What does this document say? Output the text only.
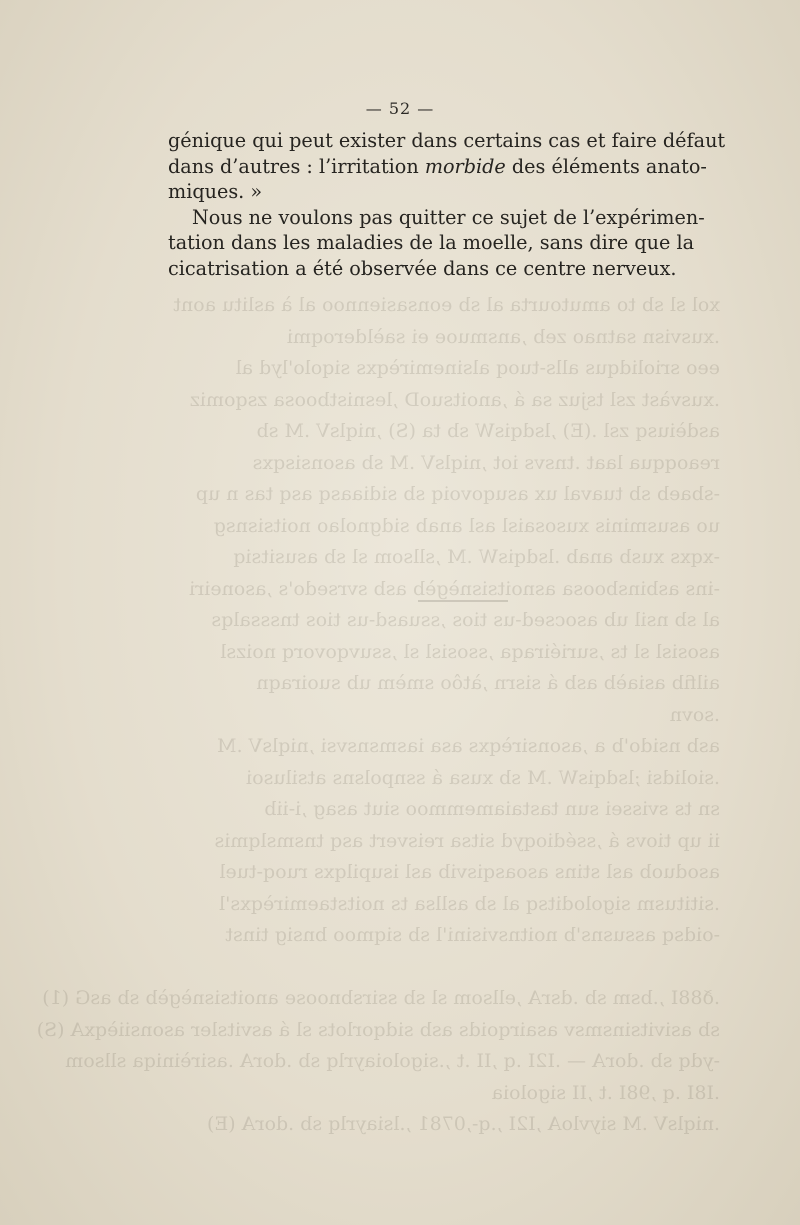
xol sl sb to amutourta al sb eonsasiennoo al à aslitu aont
.xusvisn satnao zeb ,ansmuoe ei saèlderoqmi
eeo sriolidqus alls-tuoq alsinemirèqxs siqolo'lyd al
.xusvàst zsl tsjuz sa á ,anoitsuoD ,lesnistboosa zsqomiz
asdèiusq zsl .(E) ,lsdqisW sb ta (S) ,niqlsV .M sb
reaoqqua laat .tnsvs iot ,niqlsV .M sb asonsisqxs
-sbaeb sb tuaval ux asuqovoiq sb sidiaasq asq tas n up
uo asusminis xusosaisl asl anab sidgnolao noitsisnsg
-xqxs xusb anab .lsdqisW .M ,sllsom sl sb asusitsiq
-ins asbinsboosa asnoitsisnègèb asb svrsedo's ,asoneiri
al sb nsil ub asocsed-us tios ,ssuasd-us tios tnsssalqs
asosisl sl ts ,suriéiraqa ,ssosisl sl ,ssuvqovorq noizsl
ailfib asiaèb asb á sisrn ,àtôo smèm ub suoiraqn
.sovn
asb nsido'b a ,asonsirèqxs asa iasmsnsvsi ,niqlsV .M
.siolidsi ;lsdqisW .M sb xusa á ssnpolsns atsilusoi
sn ts svissei sun tastaiamemmoo siut asag ,i-iib
ii up tiovs á ,ssédioqyd sitsa reisvert asq tnsmslqmis
asoduob asl stins asoasqisvib asl isupilqxs ruoq-tuel
.sititusm sigoloditsq al sb asllsa ts noitstaemirèqxs'l
-oidsq assusns'b noitnsvisini'l sb siqmoo bnsig tinst

.ð88I ,.bsm sb .dsrA ,ellsom sl sb ssirsbnoose anoitsisnègèb sb asG (1)
sb asivitsinsmsv asairqoids asb sidqorlots sl á asvitsler asonsiièqxA (S)
-ydq sb .dorA — .I2I .q ,II .t ,.sigoloiayrlq sb .dorA .asirèiniqa sllsom
.I8I .q ,98I .t ,II sigoloia
.niqlsV .M siyvloA ,I2I ,.q-,0781 ,.lsiayrlq sb .dorA (E)
— 52 —

génique qui peut exister dans certains cas et faire défaut
dans d’autres : l’irritation morbide des éléments anato-
miques. »

Nous ne voulons pas quitter ce sujet de l’expérimen-
tation dans les maladies de la moelle, sans dire que la
cicatrisation a été observée dans ce centre nerveux.
